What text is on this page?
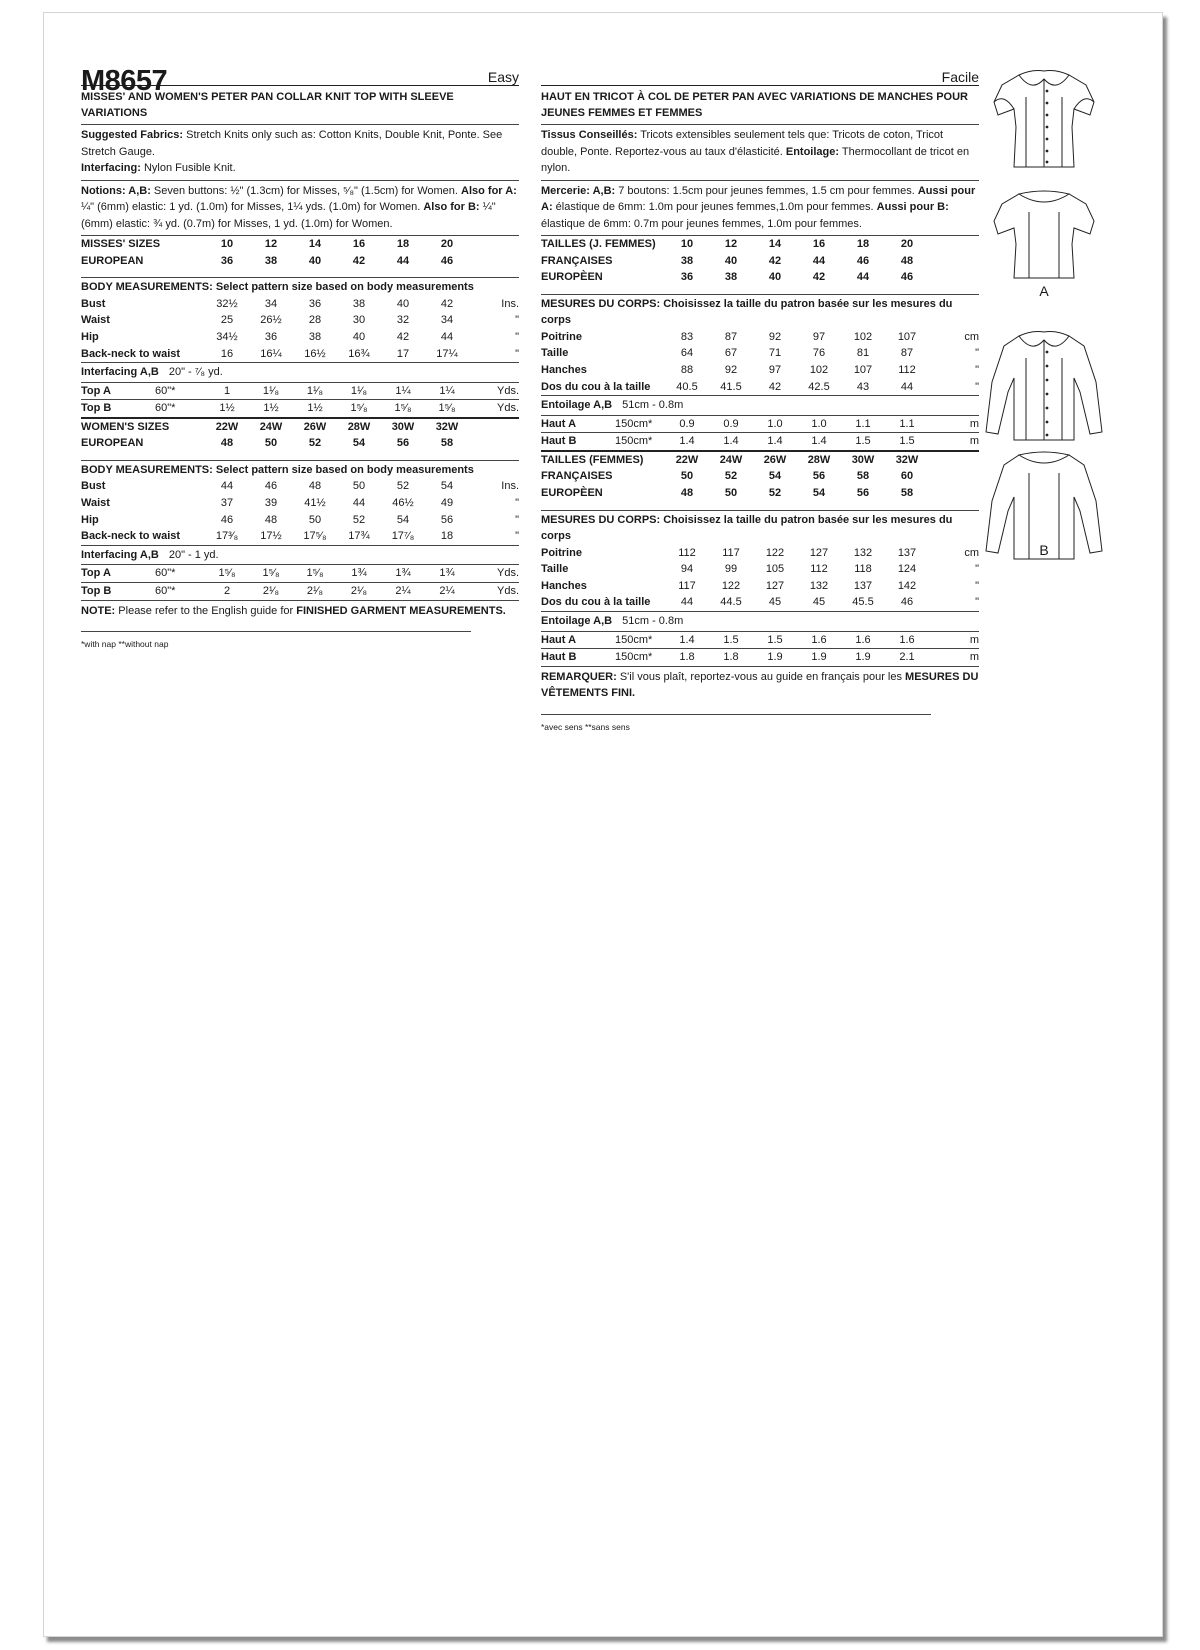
M8657	Easy
MISSES' AND WOMEN'S PETER PAN COLLAR KNIT TOP WITH SLEEVE VARIATIONS
Suggested Fabrics: Stretch Knits only such as: Cotton Knits, Double Knit, Ponte. See Stretch Gauge.
Interfacing: Nylon Fusible Knit.
Notions: A,B: Seven buttons: ½" (1.3cm) for Misses, ⁵⁄₈" (1.5cm) for Women. Also for A: ¼" (6mm) elastic: 1 yd. (1.0m) for Misses, 1¼ yds. (1.0m) for Women. Also for B: ¼" (6mm) elastic: ¾ yd. (0.7m) for Misses, 1 yd. (1.0m) for Women.
MISSES' SIZES	10	12	14	16	18	20	
EUROPEAN	36	38	40	42	44	46	
BODY MEASUREMENTS: Select pattern size based on body measurements
Bust	32½	34	36	38	40	42	Ins.
Waist	25	26½	28	30	32	34	"
Hip	34½	36	38	40	42	44	"
Back-neck to waist	16	16¼	16½	16¾	17	17¼	"
Interfacing A,B 20" - ⁷⁄₈ yd.
Top A 60"*	1	1¹⁄₈	1¹⁄₈	1¹⁄₈	1¼	1¼	Yds.
Top B 60"*	1½	1½	1½	1⁵⁄₈	1⁵⁄₈	1⁵⁄₈	Yds.
WOMEN'S SIZES	22W	24W	26W	28W	30W	32W	
EUROPEAN	48	50	52	54	56	58	
BODY MEASUREMENTS: Select pattern size based on body measurements
Bust	44	46	48	50	52	54	Ins.
Waist	37	39	41½	44	46½	49	"
Hip	46	48	50	52	54	56	"
Back-neck to waist	17³⁄₈	17½	17⁵⁄₈	17¾	17⁷⁄₈	18	"
Interfacing A,B 20" - 1 yd.
Top A 60"*	1⁵⁄₈	1⁵⁄₈	1⁵⁄₈	1¾	1¾	1¾	Yds.
Top B 60"*	2	2¹⁄₈	2¹⁄₈	2¹⁄₈	2¼	2¼	Yds.
NOTE: Please refer to the English guide for FINISHED GARMENT MEASUREMENTS.
*with nap **without nap
Facile
HAUT EN TRICOT À COL DE PETER PAN AVEC VARIATIONS DE MANCHES POUR JEUNES FEMMES ET FEMMES
Tissus Conseillés: Tricots extensibles seulement tels que: Tricots de coton, Tricot double, Ponte. Reportez-vous au taux d'élasticité. Entoilage: Thermocollant de tricot en nylon.
Mercerie: A,B: 7 boutons: 1.5cm pour jeunes femmes, 1.5 cm pour femmes. Aussi pour A: élastique de 6mm: 1.0m pour jeunes femmes,1.0m pour femmes. Aussi pour B: élastique de 6mm: 0.7m pour jeunes femmes, 1.0m pour femmes.
TAILLES (J. FEMMES)	10	12	14	16	18	20	
FRANÇAISES	38	40	42	44	46	48	
EUROPÈEN	36	38	40	42	44	46	
MESURES DU CORPS: Choisissez la taille du patron basée sur les mesures du corps
Poitrine	83	87	92	97	102	107	cm
Taille	64	67	71	76	81	87	"
Hanches	88	92	97	102	107	112	"
Dos du cou à la taille	40.5	41.5	42	42.5	43	44	"
Entoilage A,B 51cm - 0.8m
Haut A 150cm*	0.9	0.9	1.0	1.0	1.1	1.1	m
Haut B 150cm*	1.4	1.4	1.4	1.4	1.5	1.5	m
TAILLES (FEMMES)	22W	24W	26W	28W	30W	32W	
FRANÇAISES	50	52	54	56	58	60	
EUROPÈEN	48	50	52	54	56	58	
MESURES DU CORPS: Choisissez la taille du patron basée sur les mesures du corps
Poitrine	112	117	122	127	132	137	cm
Taille	94	99	105	112	118	124	"
Hanches	117	122	127	132	137	142	"
Dos du cou à la taille	44	44.5	45	45	45.5	46	"
Entoilage A,B 51cm - 0.8m
Haut A 150cm*	1.4	1.5	1.5	1.6	1.6	1.6	m
Haut B 150cm*	1.8	1.8	1.9	1.9	1.9	2.1	m
REMARQUER: S'il vous plaît, reportez-vous au guide en français pour les MESURES DU VÊTEMENTS FINI.
*avec sens **sans sens
A
B
